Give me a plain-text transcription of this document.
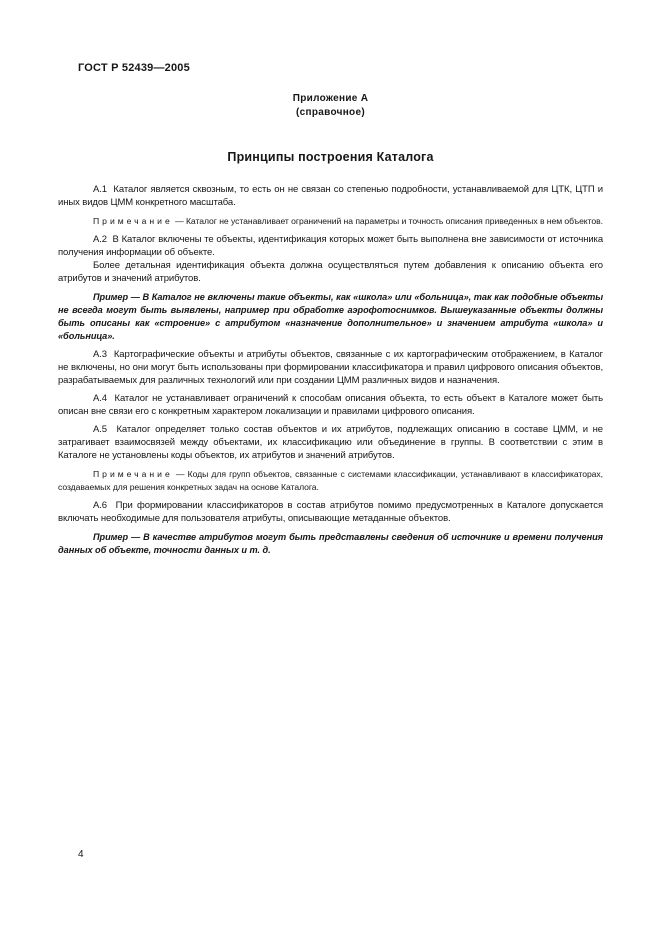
ГОСТ Р 52439—2005
Приложение А
(справочное)
Принципы построения Каталога
А.1  Каталог является сквозным, то есть он не связан со степенью подробности, устанавливаемой для ЦТК, ЦТП и иных видов ЦММ конкретного масштаба.
Примечание — Каталог не устанавливает ограничений на параметры и точность описания приведенных в нем объектов.
А.2  В Каталог включены те объекты, идентификация которых может быть выполнена вне зависимости от источника получения информации об объекте.
Более детальная идентификация объекта должна осуществляться путем добавления к описанию объекта его атрибутов и значений атрибутов.
Пример — В Каталог не включены такие объекты, как «школа» или «больница», так как подобные объекты не всегда могут быть выявлены, например при обработке аэрофотоснимков. Вышеуказанные объекты должны быть описаны как «строение» с атрибутом «назначение дополнительное» и значением атрибута «школа» и «больница».
А.3  Картографические объекты и атрибуты объектов, связанные с их картографическим отображением, в Каталог не включены, но они могут быть использованы при формировании классификатора и правил цифрового описания объектов, разрабатываемых для различных технологий или при создании ЦММ различных видов и назначения.
А.4  Каталог не устанавливает ограничений к способам описания объекта, то есть объект в Каталоге может быть описан вне связи его с конкретным характером локализации и правилами цифрового описания.
А.5  Каталог определяет только состав объектов и их атрибутов, подлежащих описанию в составе ЦММ, и не затрагивает взаимосвязей между объектами, их классификацию или объединение в группы. В соответствии с этим в Каталоге не установлены коды объектов, их атрибутов и значений атрибутов.
Примечание — Коды для групп объектов, связанные с системами классификации, устанавливают в классификаторах, создаваемых для решения конкретных задач на основе Каталога.
А.6  При формировании классификаторов в состав атрибутов помимо предусмотренных в Каталоге допускается включать необходимые для пользователя атрибуты, описывающие метаданные объектов.
Пример — В качестве атрибутов могут быть представлены сведения об источнике и времени получения данных об объекте, точности данных и т. д.
4
